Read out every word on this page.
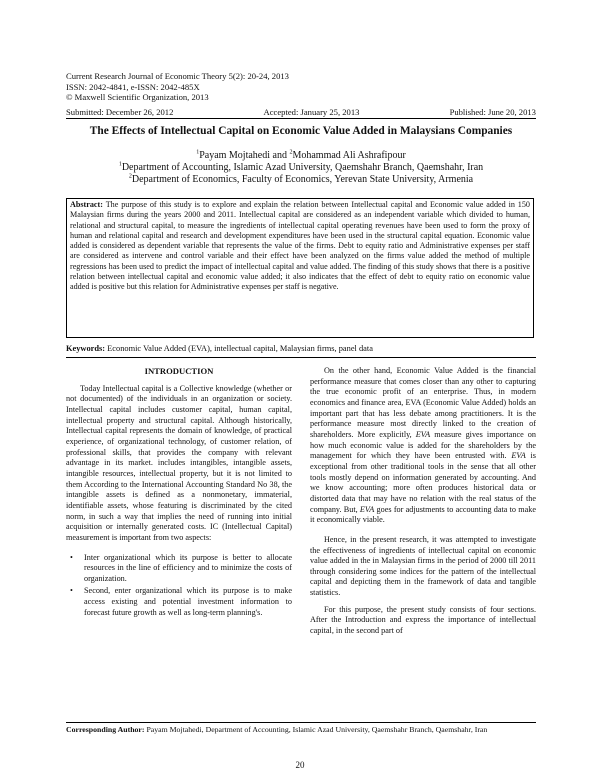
Current Research Journal of Economic Theory 5(2): 20-24, 2013
ISSN: 2042-4841, e-ISSN: 2042-485X
© Maxwell Scientific Organization, 2013
Submitted: December 26, 2012	Accepted: January 25, 2013	Published: June 20, 2013
The Effects of Intellectual Capital on Economic Value Added in Malaysians Companies
$^1$Payam Mojtahedi and $^2$Mohammad Ali Ashrafipour
$^1$Department of Accounting, Islamic Azad University, Qaemshahr Branch, Qaemshahr, Iran
$^2$Department of Economics, Faculty of Economics, Yerevan State University, Armenia
Abstract: The purpose of this study is to explore and explain the relation between Intellectual capital and Economic value added in 150 Malaysian firms during the years 2000 and 2011. Intellectual capital are considered as an independent variable which divided to human, relational and structural capital, to measure the ingredients of intellectual capital operating revenues have been used to form the proxy of human and relational capital and research and development expenditures have been used in the structural capital equation. Economic value added is considered as dependent variable that represents the value of the firms. Debt to equity ratio and Administrative expenses per staff are considered as intervene and control variable and their effect have been analyzed on the firms value added the method of multiple regressions has been used to predict the impact of intellectual capital and value added. The finding of this study shows that there is a positive relation between intellectual capital and economic value added; it also indicates that the effect of debt to equity ratio on economic value added is positive but this relation for Administrative expenses per staff is negative.
Keywords: Economic Value Added (EVA), intellectual capital, Malaysian firms, panel data
INTRODUCTION

Today Intellectual capital is a Collective knowledge (whether or not documented) of the individuals in an organization or society. Intellectual capital includes customer capital, human capital, intellectual property and structural capital. Although historically, Intellectual capital represents the domain of knowledge, of practical experience, of organizational technology, of customer relation, of professional skills, that provides the company with relevant advantage in its market. includes intangibles, intangible assets, intangible resources, intellectual property, but it is not limited to them According to the International Accounting Standard No 38, the intangible assets is defined as a nonmonetary, immaterial, identifiable assets, whose featuring is discriminated by the cited norm, in such a way that implies the need of running into initial acquisition or internally generated costs. IC (Intellectual Capital) measurement is important from two aspects:

• Inter organizational which its purpose is better to allocate resources in the line of efficiency and to minimize the costs of organization.
• Second, enter organizational which its purpose is to make access existing and potential investment information to forecast future growth as well as long-term planning's.

On the other hand, Economic Value Added is the financial performance measure that comes closer than any other to capturing the true economic profit of an enterprise. Thus, in modern economics and finance area, EVA (Economic Value Added) holds an important part that has less debate among practitioners. It is the performance measure most directly linked to the creation of shareholders. More explicitly, EVA measure gives importance on how much economic value is added for the shareholders by the management for which they have been entrusted with. EVA is exceptional from other traditional tools in the sense that all other tools mostly depend on information generated by accounting. And we know accounting; more often produces historical data or distorted data that may have no relation with the real status of the company. But, EVA goes for adjustments to accounting data to make it economically viable.

Hence, in the present research, it was attempted to investigate the effectiveness of ingredients of intellectual capital on economic value added in the in Malaysian firms in the period of 2000 till 2011 through considering some indices for the pattern of the intellectual capital and depicting them in the framework of data and tangible statistics.

For this purpose, the present study consists of four sections. After the Introduction and express the importance of intellectual capital, in the second part of

Corresponding Author: Payam Mojtahedi, Department of Accounting, Islamic Azad University, Qaemshahr Branch, Qaemshahr, Iran
20
